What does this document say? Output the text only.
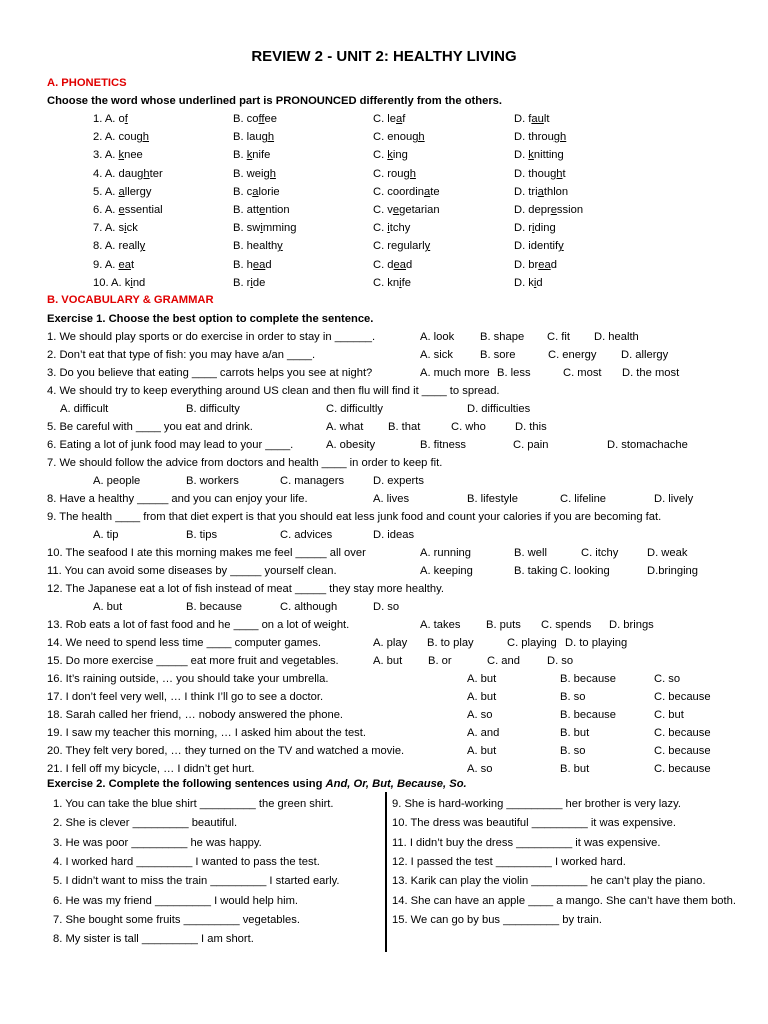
REVIEW 2 - UNIT 2: HEALTHY LIVING
A. PHONETICS
Choose the word whose underlined part is PRONOUNCED differently from the others.
1. A. of	B. coffee	C. leaf	D. fault
2. A. cough	B. laugh	C. enough	D. through
3. A. knee	B. knife	C. king	D. knitting
4. A. daughter	B. weigh	C. rough	D. thought
5. A. allergy	B. calorie	C. coordinate	D. triathlon
6. A. essential	B. attention	C. vegetarian	D. depression
7. A. sick	B. swimming	C. itchy	D. riding
8. A. really	B. healthy	C. regularly	D. identify
9. A. eat	B. head	C. dead	D. bread
10. A. kind	B. ride	C. knife	D. kid
B. VOCABULARY & GRAMMAR
Exercise 1. Choose the best option to complete the sentence.
1. We should play sports or do exercise in order to stay in ______.	A. look B. shape C. fit D. health
2. Don’t eat that type of fish: you may have a/an ____.	A. sick B. sore	C. energy D. allergy
3. Do you believe that eating ____ carrots helps you see at night?	A. much more B. less	C. most D. the most
4. We should try to keep everything around US clean and then flu will find it ____ to spread.
A. difficult	B. difficulty	C. difficultly	D. difficulties
5. Be careful with ____ you eat and drink.	A. what B. that	C. who	D. this
6. Eating a lot of junk food may lead to your ____.	A. obesity	B. fitness	C. pain	D. stomachache
7. We should follow the advice from doctors and health ____ in order to keep fit.
A. people	B. workers	C. managers	D. experts
8. Have a healthy _____ and you can enjoy your life.	A. lives	B. lifestyle	C. lifeline	D. lively
9. The health ____ from that diet expert is that you should eat less junk food and count your calories if you are becoming fat.
A. tip	B. tips	C. advices	D. ideas
10. The seafood I ate this morning makes me feel _____ all over	A. running	B. well	C. itchy	D. weak
11. You can avoid some diseases by _____ yourself clean.	A. keeping	B. taking C. looking	D.bringing
12. The Japanese eat a lot of fish instead of meat _____ they stay more healthy.
A. but	B. because	C. although	D. so
13. Rob eats a lot of fast food and he ____ on a lot of weight.	A. takes B. puts C. spends D. brings
14. We need to spend less time ____ computer games.	A. play B. to play	C. playing D. to playing
15. Do more exercise _____ eat more fruit and vegetables.	A. but B. or	C. and D. so
16. It’s raining outside, … you should take your umbrella.	A. but	B. because	C. so
17. I don’t feel very well, … I think I’ll go to see a doctor.	A. but	B. so	C. because
18. Sarah called her friend, … nobody answered the phone.	A. so	B. because	C. but
19. I saw my teacher this morning, … I asked him about the test.	A. and	B. but	C. because
20. They felt very bored, … they turned on the TV and watched a movie.	A. but	B. so	C. because
21. I fell off my bicycle, … I didn’t get hurt.	A. so	B. but	C. because
Exercise 2. Complete the following sentences using And, Or, But, Because, So.
1. You can take the blue shirt _________ the green shirt.
2. She is clever _________ beautiful.
3. He was poor _________ he was happy.
4. I worked hard _________ I wanted to pass the test.
5. I didn’t want to miss the train _________ I started early.
6. He was my friend _________ I would help him.
7. She bought some fruits _________ vegetables.
8. My sister is tall _________ I am short.
9. She is hard-working _________ her brother is very lazy.
10. The dress was beautiful _________ it was expensive.
11. I didn’t buy the dress _________ it was expensive.
12. I passed the test _________ I worked hard.
13. Karik can play the violin _________ he can’t play the piano.
14. She can have an apple ____ a mango. She can’t have them both.
15. We can go by bus _________ by train.
